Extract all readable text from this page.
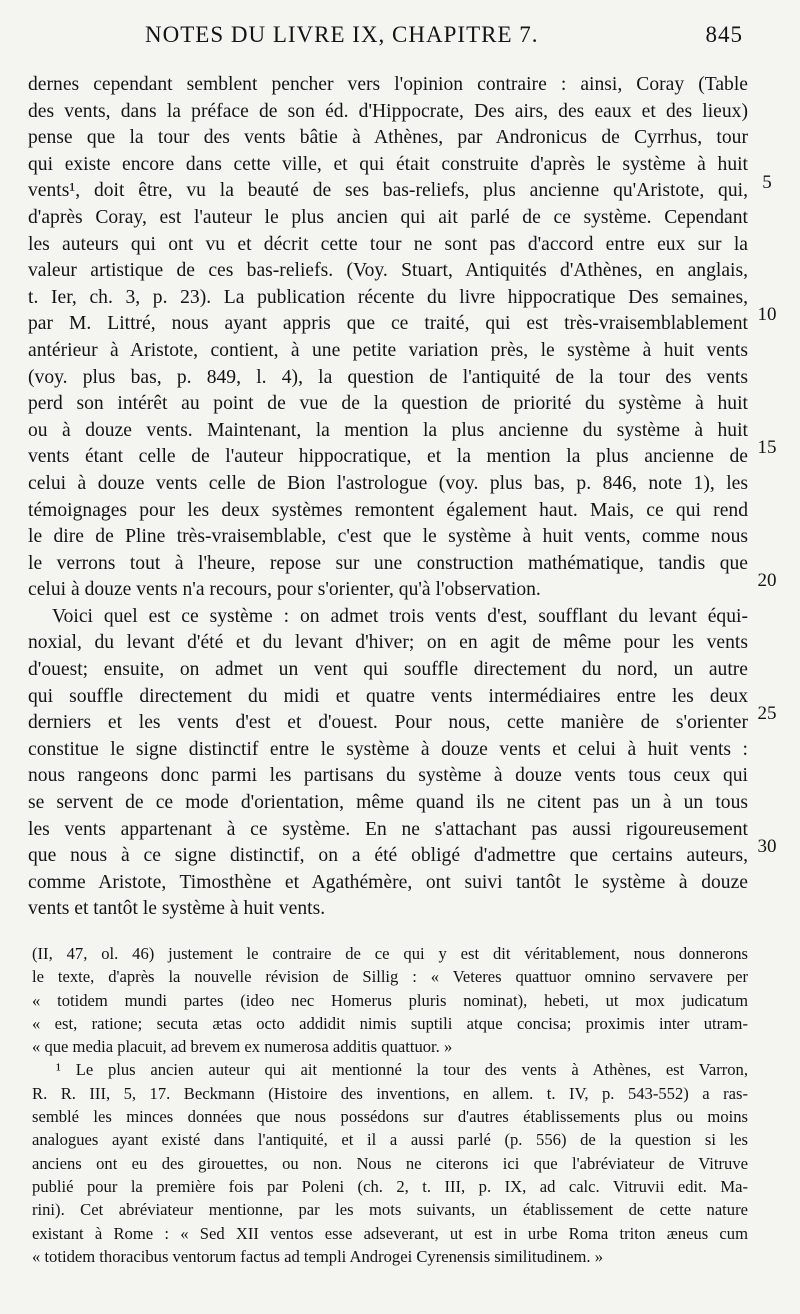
NOTES DU LIVRE IX, CHAPITRE 7.	845
dernes cependant semblent pencher vers l'opinion contraire : ainsi, Coray (Table
des vents, dans la préface de son éd. d'Hippocrate, Des airs, des eaux et des lieux)
pense que la tour des vents bâtie à Athènes, par Andronicus de Cyrrhus, tour
qui existe encore dans cette ville, et qui était construite d'après le système à huit
vents¹, doit être, vu la beauté de ses bas-reliefs, plus ancienne qu'Aristote, qui,
d'après Coray, est l'auteur le plus ancien qui ait parlé de ce système. Cependant
les auteurs qui ont vu et décrit cette tour ne sont pas d'accord entre eux sur la
valeur artistique de ces bas-reliefs. (Voy. Stuart, Antiquités d'Athènes, en anglais,
t. Ier, ch. 3, p. 23). La publication récente du livre hippocratique Des semaines,
par M. Littré, nous ayant appris que ce traité, qui est très-vraisemblablement
antérieur à Aristote, contient, à une petite variation près, le système à huit vents
(voy. plus bas, p. 849, l. 4), la question de l'antiquité de la tour des vents
perd son intérêt au point de vue de la question de priorité du système à huit
ou à douze vents. Maintenant, la mention la plus ancienne du système à huit
vents étant celle de l'auteur hippocratique, et la mention la plus ancienne de
celui à douze vents celle de Bion l'astrologue (voy. plus bas, p. 846, note 1), les
témoignages pour les deux systèmes remontent également haut. Mais, ce qui rend
le dire de Pline très-vraisemblable, c'est que le système à huit vents, comme nous
le verrons tout à l'heure, repose sur une construction mathématique, tandis que
celui à douze vents n'a recours, pour s'orienter, qu'à l'observation.
Voici quel est ce système : on admet trois vents d'est, soufflant du levant équi-
noxial, du levant d'été et du levant d'hiver; on en agit de même pour les vents
d'ouest; ensuite, on admet un vent qui souffle directement du nord, un autre
qui souffle directement du midi et quatre vents intermédiaires entre les deux
derniers et les vents d'est et d'ouest. Pour nous, cette manière de s'orienter
constitue le signe distinctif entre le système à douze vents et celui à huit vents :
nous rangeons donc parmi les partisans du système à douze vents tous ceux qui
se servent de ce mode d'orientation, même quand ils ne citent pas un à un tous
les vents appartenant à ce système. En ne s'attachant pas aussi rigoureusement
que nous à ce signe distinctif, on a été obligé d'admettre que certains auteurs,
comme Aristote, Timosthène et Agathémère, ont suivi tantôt le système à douze
vents et tantôt le système à huit vents.
5
10
15
20
25
30
(II, 47, ol. 46) justement le contraire de ce qui y est dit véritablement, nous donnerons
le texte, d'après la nouvelle révision de Sillig : « Veteres quattuor omnino servavere per
« totidem mundi partes (ideo nec Homerus pluris nominat), hebeti, ut mox judicatum
« est, ratione; secuta ætas octo addidit nimis suptili atque concisa; proximis inter utram-
« que media placuit, ad brevem ex numerosa additis quattuor. »
¹ Le plus ancien auteur qui ait mentionné la tour des vents à Athènes, est Varron,
R. R. III, 5, 17. Beckmann (Histoire des inventions, en allem. t. IV, p. 543-552) a ras-
semblé les minces données que nous possédons sur d'autres établissements plus ou moins
analogues ayant existé dans l'antiquité, et il a aussi parlé (p. 556) de la question si les
anciens ont eu des girouettes, ou non. Nous ne citerons ici que l'abréviateur de Vitruve
publié pour la première fois par Poleni (ch. 2, t. III, p. IX, ad calc. Vitruvii edit. Ma-
rini). Cet abréviateur mentionne, par les mots suivants, un établissement de cette nature
existant à Rome : « Sed XII ventos esse adseverant, ut est in urbe Roma triton æneus cum
« totidem thoracibus ventorum factus ad templi Androgei Cyrenensis similitudinem. »
